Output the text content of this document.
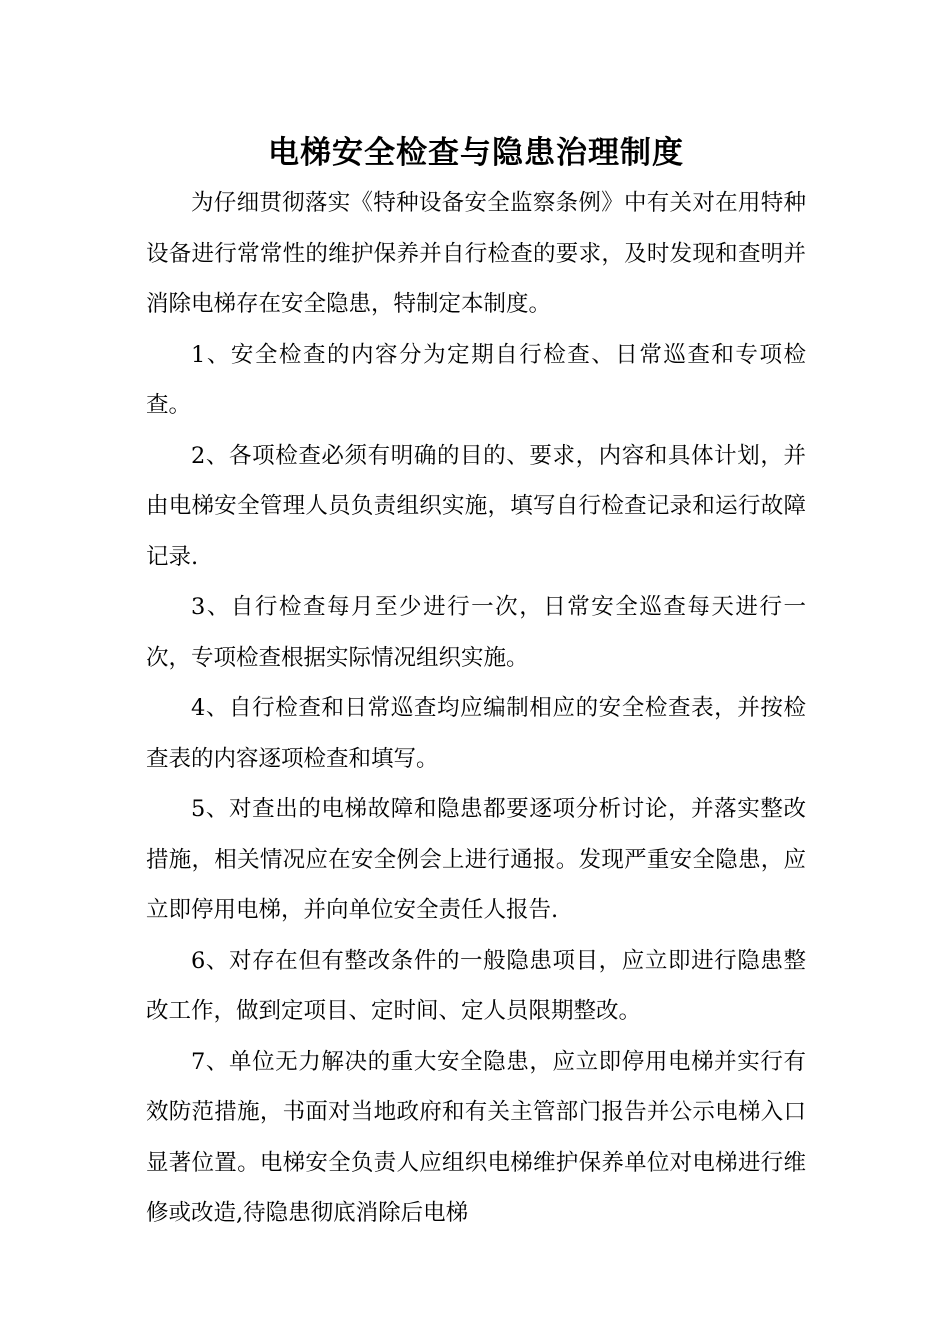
电梯安全检查与隐患治理制度

为仔细贯彻落实《特种设备安全监察条例》中有关对在用特种设备进行常常性的维护保养并自行检查的要求，及时发现和查明并消除电梯存在安全隐患，特制定本制度。

1、安全检查的内容分为定期自行检查、日常巡查和专项检查。

2、各项检查必须有明确的目的、要求，内容和具体计划，并由电梯安全管理人员负责组织实施，填写自行检查记录和运行故障记录.

3、自行检查每月至少进行一次，日常安全巡查每天进行一次，专项检查根据实际情况组织实施。

4、自行检查和日常巡查均应编制相应的安全检查表，并按检查表的内容逐项检查和填写。

5、对查出的电梯故障和隐患都要逐项分析讨论，并落实整改措施，相关情况应在安全例会上进行通报。发现严重安全隐患，应立即停用电梯，并向单位安全责任人报告.

6、对存在但有整改条件的一般隐患项目，应立即进行隐患整改工作，做到定项目、定时间、定人员限期整改。

7、单位无力解决的重大安全隐患，应立即停用电梯并实行有效防范措施，书面对当地政府和有关主管部门报告并公示电梯入口显著位置。电梯安全负责人应组织电梯维护保养单位对电梯进行维修或改造,待隐患彻底消除后电梯
